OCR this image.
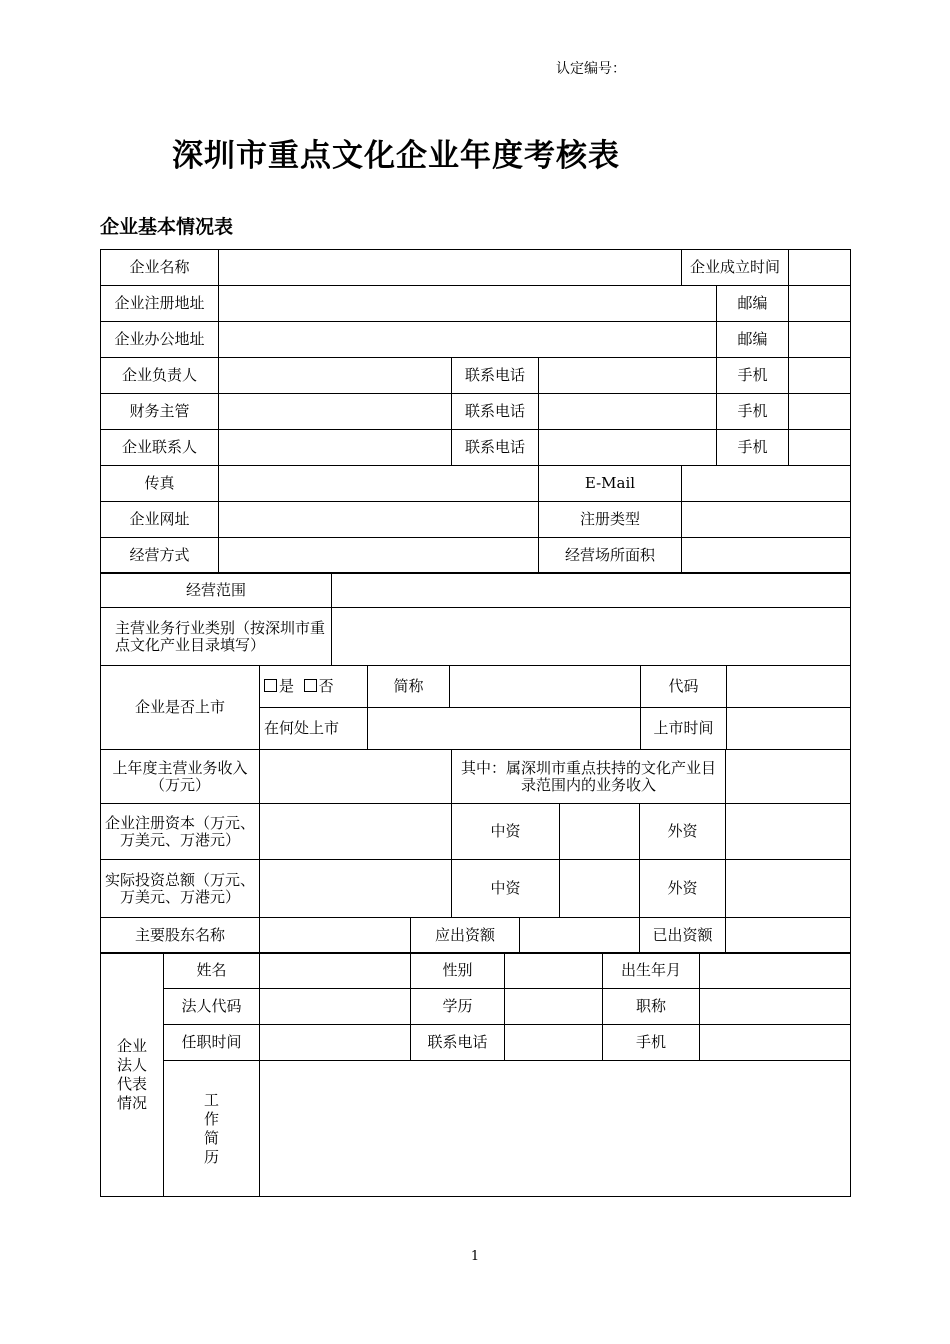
认定编号：
深圳市重点文化企业年度考核表
企业基本情况表
企业名称				企业成立时间		
企业注册地址					邮编	
企业办公地址					邮编	
企业负责人		联系电话			手机	
财务主管		联系电话			手机	
企业联系人		联系电话			手机	
传真			E-Mail			
企业网址			注册类型			
经营方式			经营场所面积			
经营范围	
主营业务行业类别（按深圳市重点文化产业目录填写）	
企业是否上市	是 否	简称		代码	
	在何处上市			上市时间	
上年度主营业务收入（万元）			其中：属深圳市重点扶持的文化产业目录范围内的业务收入				
企业注册资本（万元、万美元、万港元）			中资			外资	
实际投资总额（万元、万美元、万港元）			中资			外资	
主要股东名称		应出资额				已出资额	
企业法人代表情况	姓名		性别		出生年月	
	法人代码		学历		职称	
	任职时间		联系电话		手机	
	工作简历					
1
